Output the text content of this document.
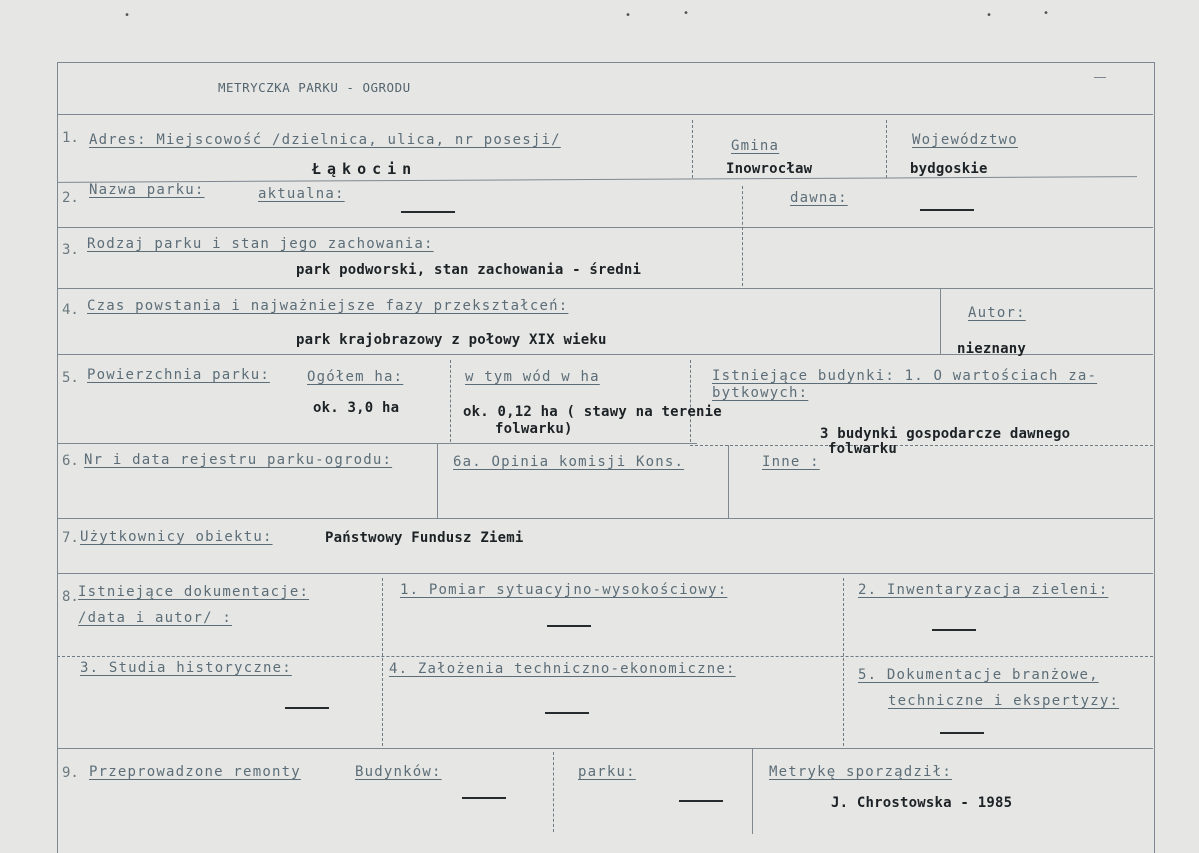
METRYCZKA PARKU - OGRODU
1. Adres: Miejscowość /dzielnica, ulica, nr posesji/
Łąkocin
Gmina
Inowrocław
Województwo
bydgoskie
2. Nazwa parku:	aktualna:	dawna:
3. Rodzaj parku i stan jego zachowania:
park podworski, stan zachowania - średni
4. Czas powstania i najważniejsze fazy przekształceń:
park krajobrazowy z połowy XIX wieku
Autor:
nieznany
5. Powierzchnia parku:	Ogółem ha:
ok. 3,0 ha
w tym wód w ha
ok. 0,12 ha ( stawy na terenie
folwarku)
Istniejące budynki: 1. O wartościach za-
bytkowych:
3 budynki gospodarcze dawnego
folwarku
6. Nr i data rejestru parku-ogrodu:	6a. Opinia komisji Kons.	Inne :
7. Użytkownicy obiektu:	Państwowy Fundusz Ziemi
8. Istniejące dokumentacje:
/data i autor/ :
1. Pomiar sytuacyjno-wysokościowy:	2. Inwentaryzacja zieleni:
3. Studia historyczne:	4. Założenia techniczno-ekonomiczne:	5. Dokumentacje branżowe,
techniczne i ekspertyzy:
9. Przeprowadzone remonty	Budynków:	parku:	Metrykę sporządził:
J. Chrostowska - 1985
•	•	•	•	•
